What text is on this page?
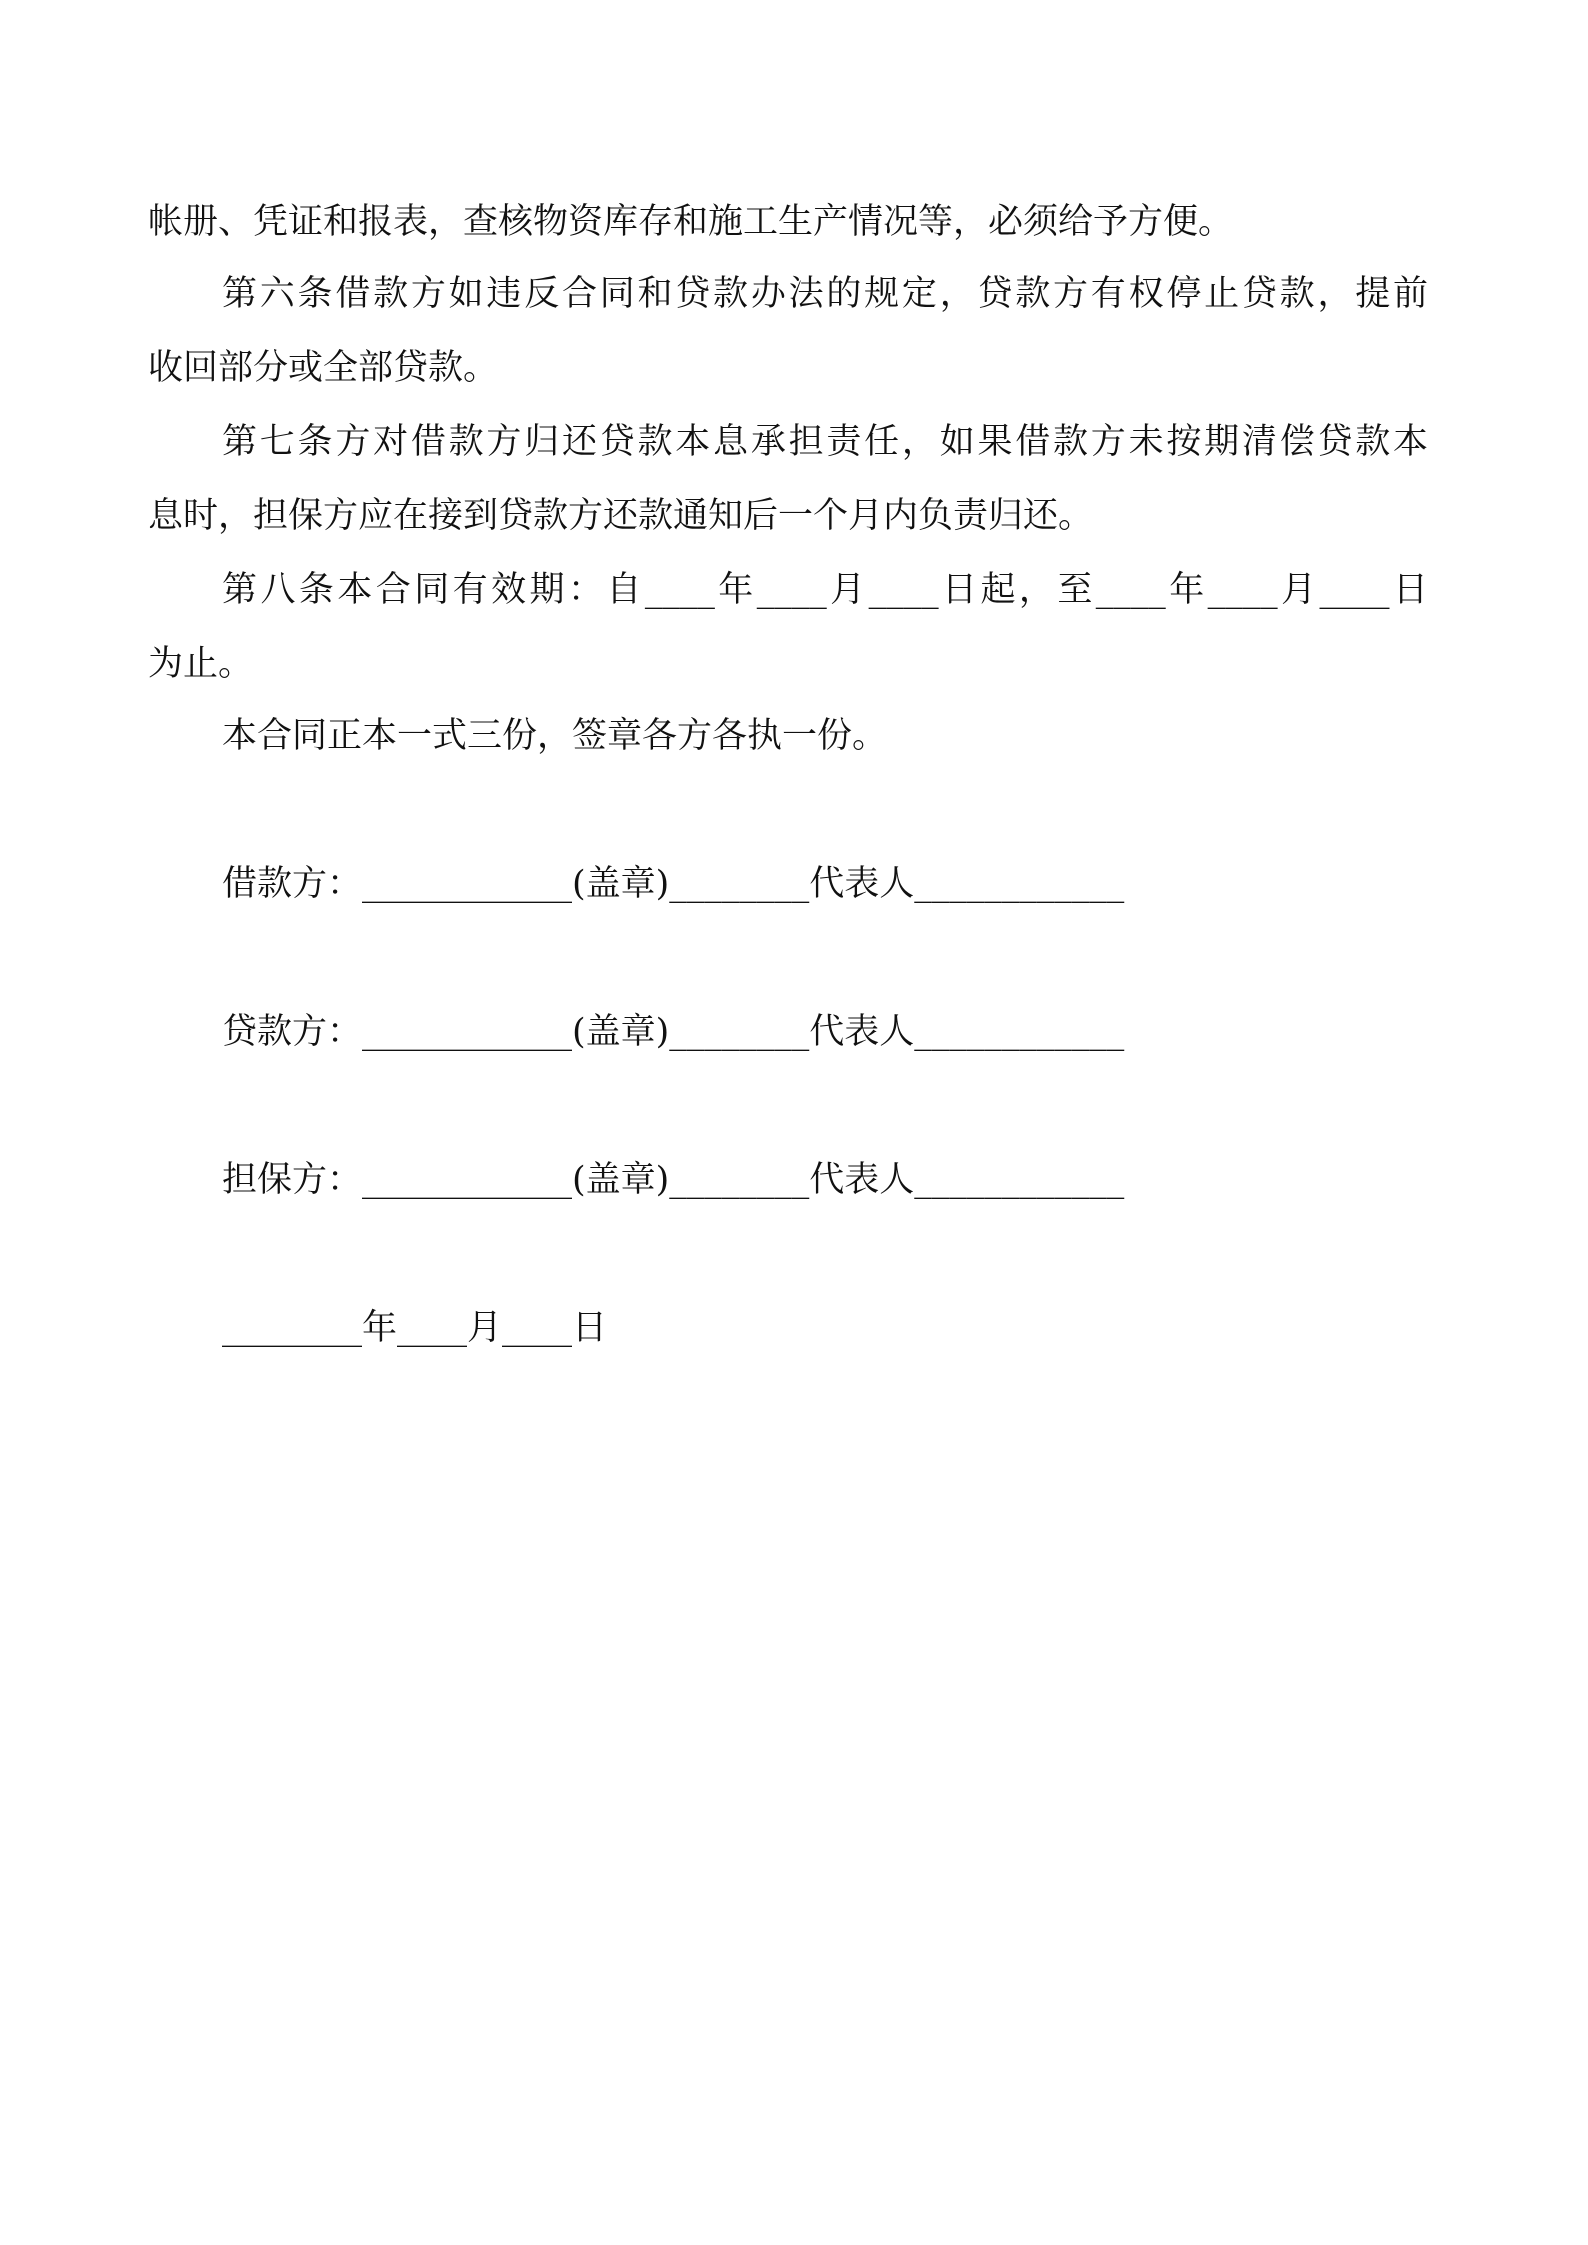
帐册、凭证和报表，查核物资库存和施工生产情况等，必须给予方便。
第六条借款方如违反合同和贷款办法的规定，贷款方有权停止贷款，提前
收回部分或全部贷款。
第七条方对借款方归还贷款本息承担责任，如果借款方未按期清偿贷款本
息时，担保方应在接到贷款方还款通知后一个月内负责归还。
第八条本合同有效期：自____年____月____日起，至____年____月____日
为止。
本合同正本一式三份，签章各方各执一份。
借款方：____________(盖章)________代表人____________
贷款方：____________(盖章)________代表人____________
担保方：____________(盖章)________代表人____________
________年____月____日
